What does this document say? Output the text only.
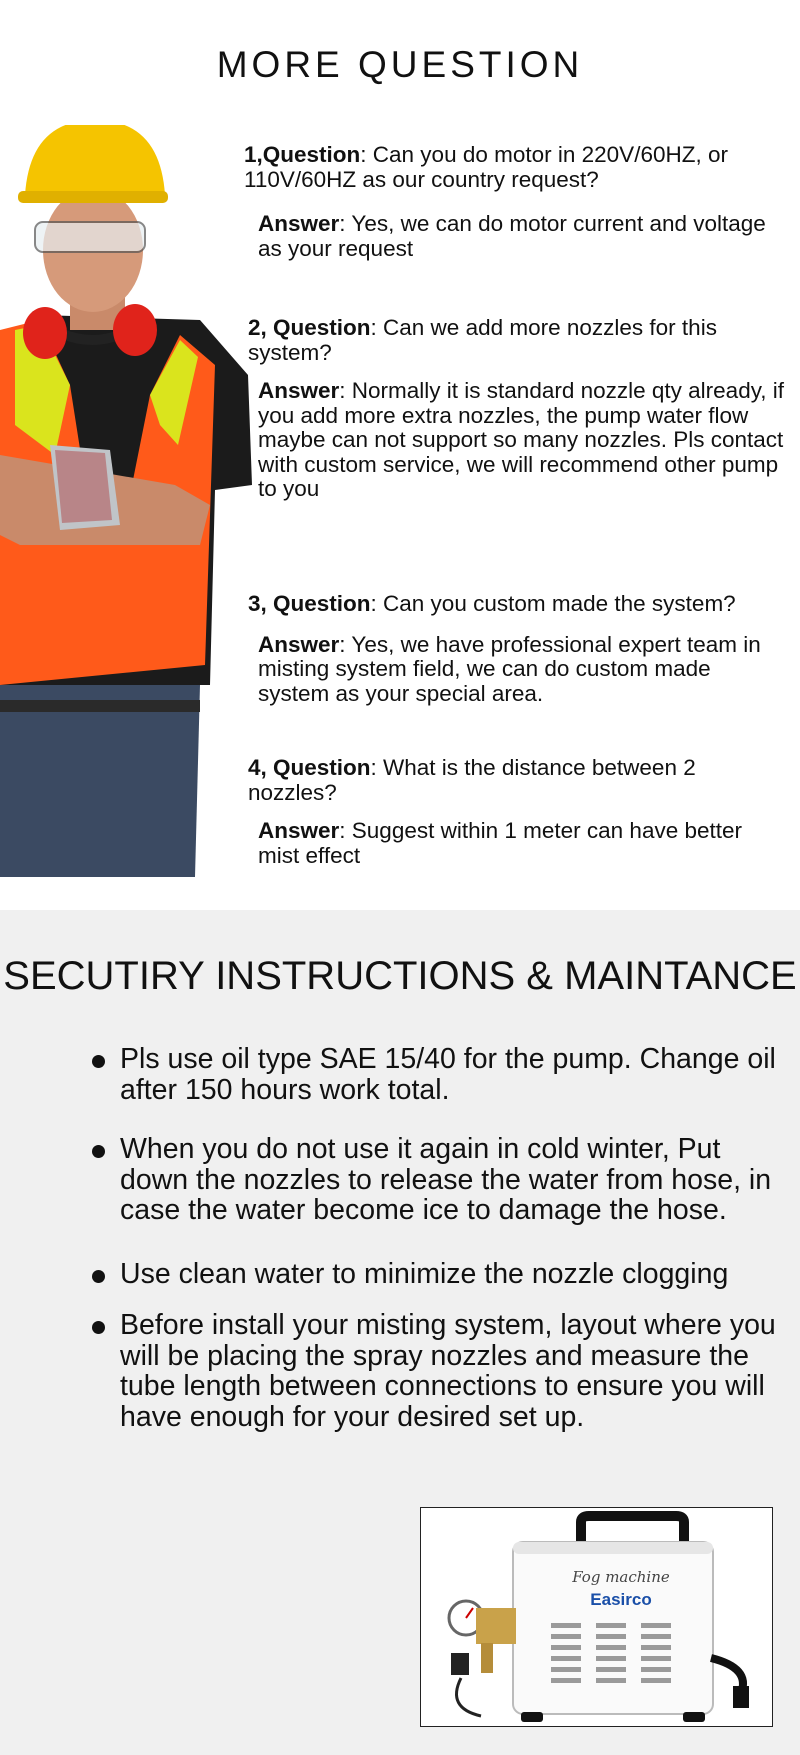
MORE QUESTION

1,Question: Can you do motor in 220V/60HZ, or 110V/60HZ as our country request?

Answer: Yes, we can do motor current and voltage as your request

2, Question: Can we add more nozzles for this system?

Answer: Normally it is standard nozzle qty already, if you add more extra nozzles, the pump water flow maybe can not support so many nozzles. Pls contact with custom service, we will recommend other pump to you

3, Question: Can you custom made the system?

Answer: Yes, we have professional expert team in misting system field, we can do custom made system as your special area.

4, Question: What is the distance between 2 nozzles?

Answer: Suggest within 1 meter can have better mist effect

SECUTIRY INSTRUCTIONS & MAINTANCE
Pls use oil type SAE 15/40 for the pump. Change oil after 150 hours work total.
When you do not use it again in cold winter, Put down the nozzles to release the water from hose, in case the water become ice to damage the hose.
Use clean water to minimize the nozzle clogging
Before install your misting system, layout where you will be placing the spray nozzles and measure the tube length between connections to ensure you will have enough for your desired set up.
Fog machine
Easirco
